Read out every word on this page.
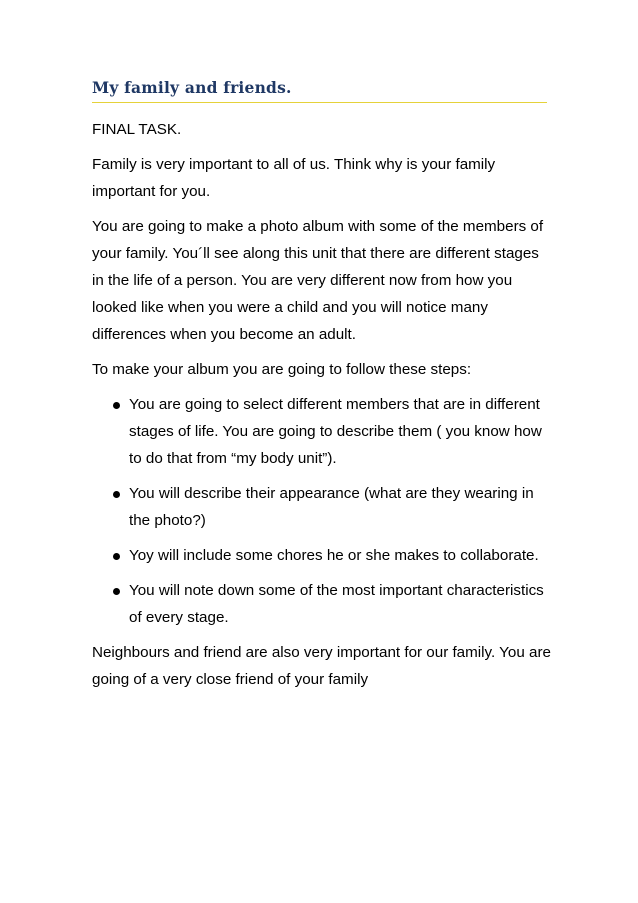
My family and friends.

FINAL TASK.

Family is very important to all of us. Think why is your family important for you.

You are going to make a photo album with some of the members of your family. You´ll see along this unit that there are different stages in the life of a person. You are very different now from how you looked like when you were a child and you will notice many differences when you become an adult.

To make your album you are going to follow these steps:

You are going to select different members that are in different stages of life. You are going to describe them ( you know how to do that from “my body unit”).
You will describe their appearance (what are they wearing in the photo?)
Yoy will include some chores he or she makes to collaborate.
You will note down some of the most important characteristics of every stage.

Neighbours and friend are also very important for our family. You are going of a very close friend of your family
